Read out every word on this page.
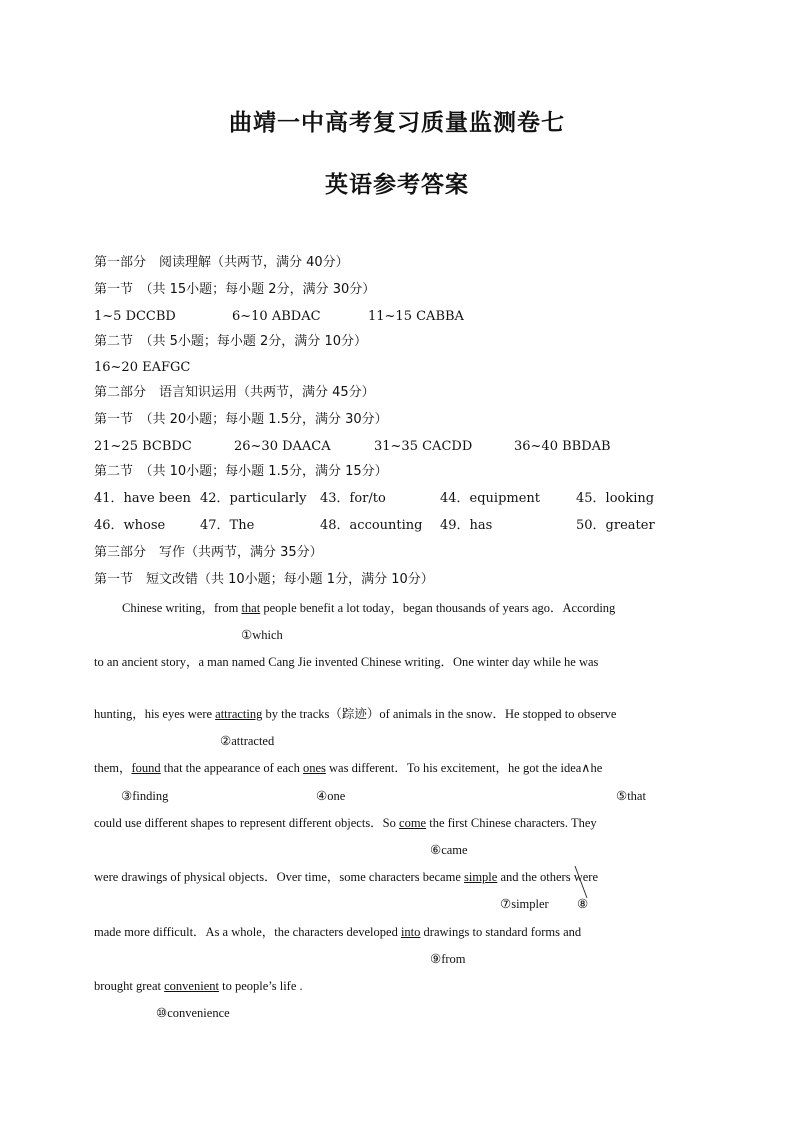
曲靖一中高考复习质量监测卷七
英语参考答案
第一部分　阅读理解（共两节，满分 40分）
第一节　（共 15小题；每小题 2分，满分 30分）
1~5 DCCBD	6~10 ABDAC	11~15 CABBA
第二节　（共 5小题；每小题 2分，满分 10分）
16~20 EAFGC
第二部分　语言知识运用（共两节，满分 45分）
第一节　（共 20小题；每小题 1.5分，满分 30分）
21~25 BCBDC	26~30 DAACA	31~35 CACDD	36~40 BBDAB
第二节　（共 10小题；每小题 1.5分，满分 15分）
41．have been 42．particularly 43．for/to	44．equipment	45．looking
46．whose	47．The	48．accounting 49．has	50．greater
第三部分　写作（共两节，满分 35分）
第一节　短文改错（共 10小题；每小题 1分，满分 10分）
Chinese writing，from that people benefit a lot today，began thousands of years ago．According
①which
to an ancient story，a man named Cang Jie invented Chinese writing．One winter day while he was
hunting，his eyes were attracting by the tracks（踪迹）of animals in the snow．He stopped to observe
②attracted
them，found that the appearance of each ones was different．To his excitement，he got the idea∧he
③finding	④one	⑤that
could use different shapes to represent different objects．So come the first Chinese characters. They
⑥came
were drawings of physical objects．Over time，some characters became simple and the others were
⑦simpler ⑧
made more difficult．As a whole，the characters developed into drawings to standard forms and
⑨from
brought great convenient to people’s life .
⑩convenience
